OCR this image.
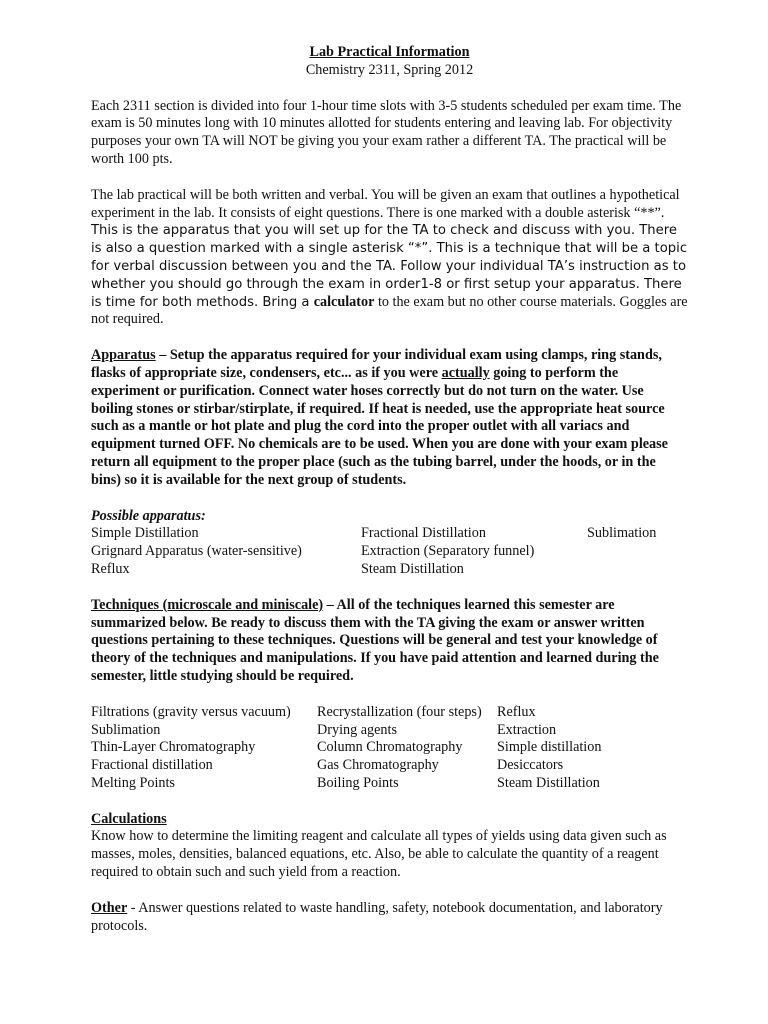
Lab Practical Information
Chemistry 2311, Spring 2012

Each 2311 section is divided into four 1-hour time slots with 3-5 students scheduled per exam time. The exam is 50 minutes long with 10 minutes allotted for students entering and leaving lab. For objectivity purposes your own TA will NOT be giving you your exam rather a different TA. The practical will be worth 100 pts.

The lab practical will be both written and verbal. You will be given an exam that outlines a hypothetical experiment in the lab. It consists of eight questions. There is one marked with a double asterisk “**”. This is the apparatus that you will set up for the TA to check and discuss with you. There is also a question marked with a single asterisk “*”. This is a technique that will be a topic for verbal discussion between you and the TA. Follow your individual TA’s instruction as to whether you should go through the exam in order1-8 or first setup your apparatus. There is time for both methods. Bring a calculator to the exam but no other course materials. Goggles are not required.

Apparatus – Setup the apparatus required for your individual exam using clamps, ring stands, flasks of appropriate size, condensers, etc... as if you were actually going to perform the experiment or purification. Connect water hoses correctly but do not turn on the water. Use boiling stones or stirbar/stirplate, if required. If heat is needed, use the appropriate heat source such as a mantle or hot plate and plug the cord into the proper outlet with all variacs and equipment turned OFF. No chemicals are to be used. When you are done with your exam please return all equipment to the proper place (such as the tubing barrel, under the hoods, or in the bins) so it is available for the next group of students.

Possible apparatus:
Simple Distillation	Fractional Distillation	Sublimation
Grignard Apparatus (water-sensitive)	Extraction (Separatory funnel)
Reflux	Steam Distillation

Techniques (microscale and miniscale) – All of the techniques learned this semester are summarized below. Be ready to discuss them with the TA giving the exam or answer written questions pertaining to these techniques. Questions will be general and test your knowledge of theory of the techniques and manipulations. If you have paid attention and learned during the semester, little studying should be required.

Filtrations (gravity versus vacuum)	Recrystallization (four steps)	Reflux
Sublimation	Drying agents	Extraction
Thin-Layer Chromatography	Column Chromatography	Simple distillation
Fractional distillation	Gas Chromatography	Desiccators
Melting Points	Boiling Points	Steam Distillation
Calculations

Know how to determine the limiting reagent and calculate all types of yields using data given such as masses, moles, densities, balanced equations, etc. Also, be able to calculate the quantity of a reagent required to obtain such and such yield from a reaction.

Other - Answer questions related to waste handling, safety, notebook documentation, and laboratory protocols.
